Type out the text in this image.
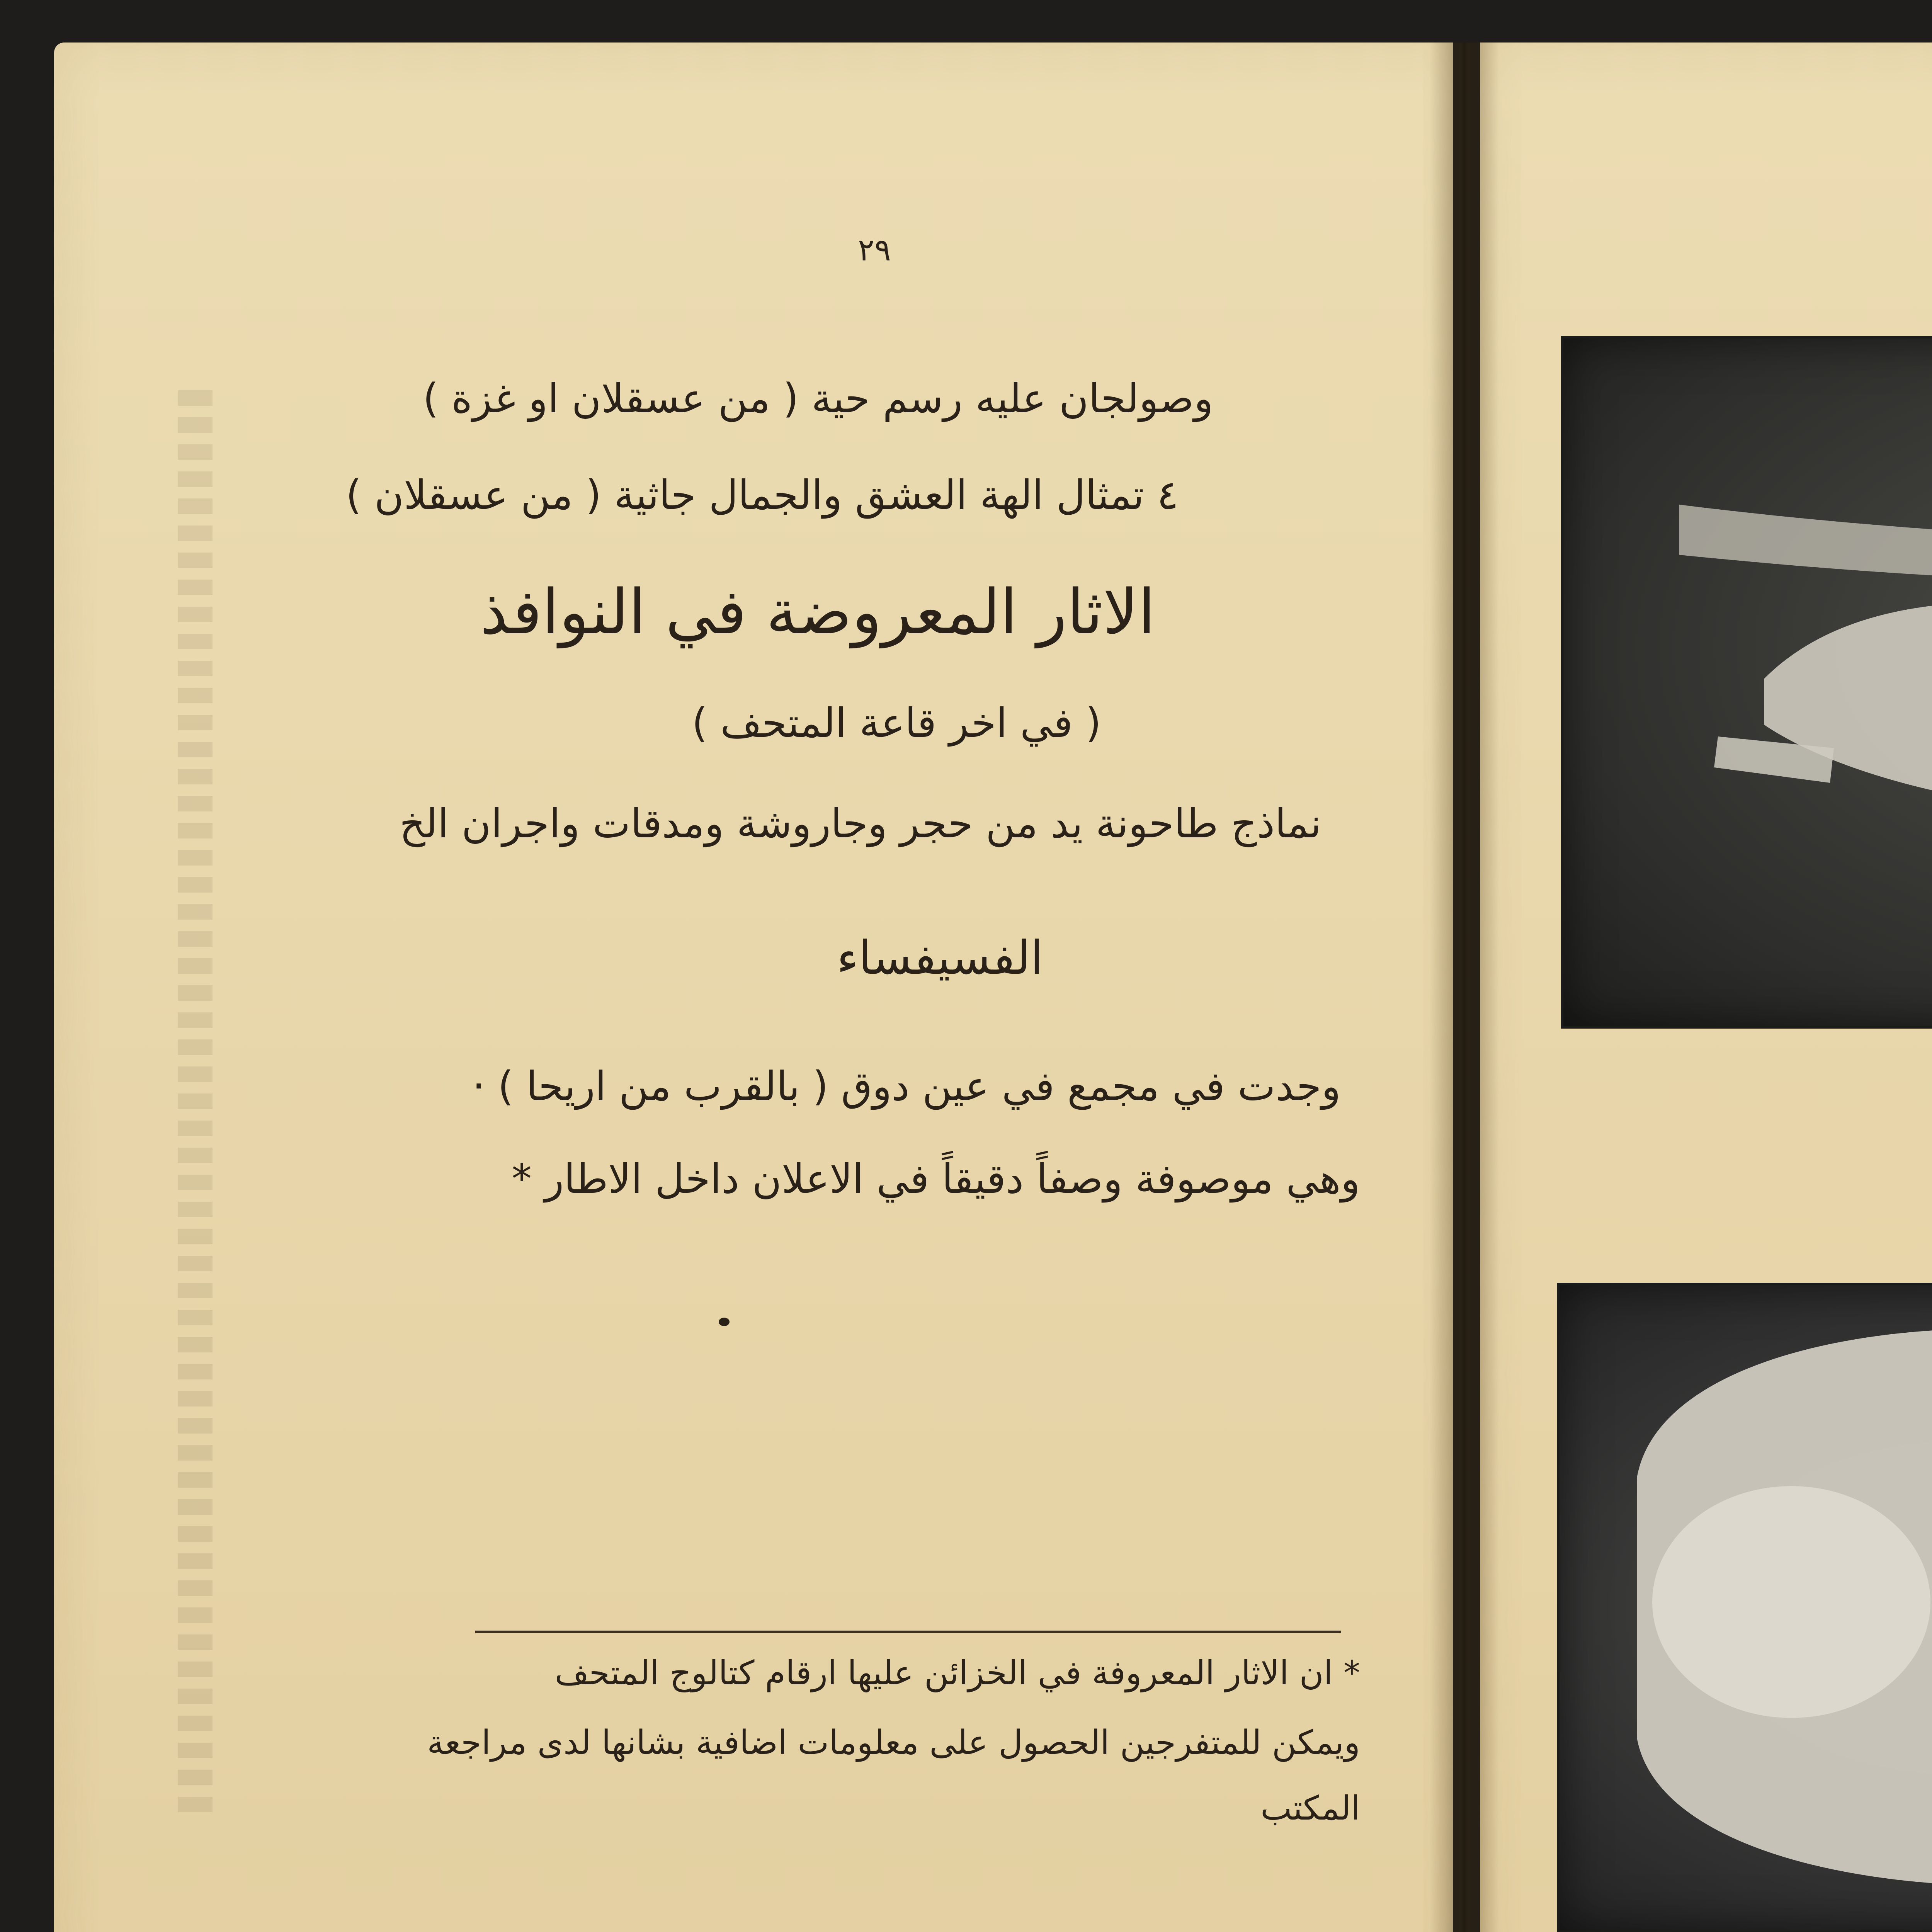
٢٩
وصولجان عليه رسم حية ( من عسقلان او غزة )
٤ تمثال الهة العشق والجمال جاثية ( من عسقلان )
الاثار المعروضة في النوافذ
( في اخر قاعة المتحف )
نماذج طاحونة يد من حجر وجاروشة ومدقات واجران الخ
الفسيفساء
وجدت في مجمع في عين دوق ( بالقرب من اريحا ) ·
وهي موصوفة وصفاً دقيقاً في الاعلان داخل الاطار *
* ان الاثار المعروفة في الخزائن عليها ارقام كتالوج المتحف
ويمكن للمتفرجين الحصول على معلومات اضافية بشانها لدى مراجعة
المكتب
